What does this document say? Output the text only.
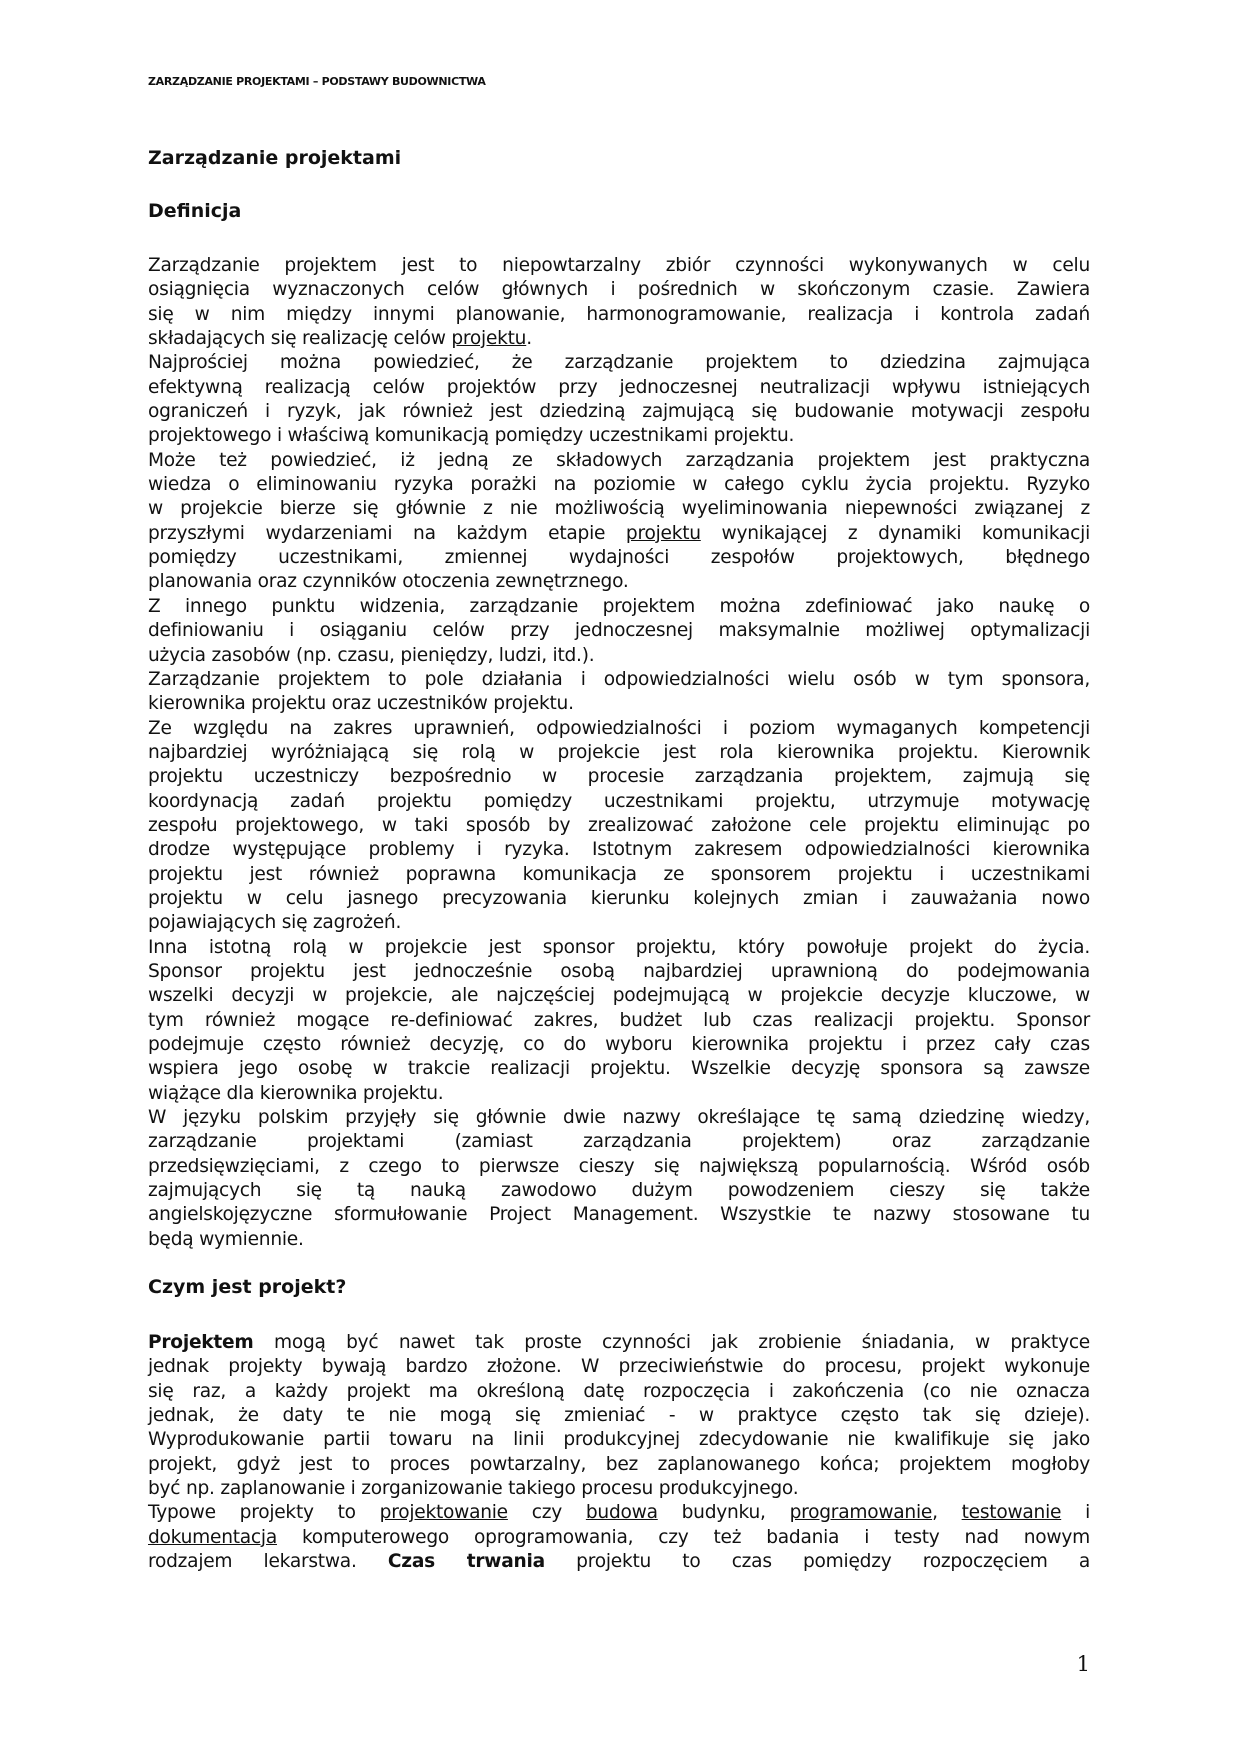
ZARZĄDZANIE PROJEKTAMI – PODSTAWY BUDOWNICTWA
Zarządzanie projektami
Definicja
Zarządzanie projektem jest to niepowtarzalny zbiór czynności wykonywanych w celu
osiągnięcia wyznaczonych celów głównych i pośrednich w skończonym czasie. Zawiera
się w nim między innymi planowanie, harmonogramowanie, realizacja i kontrola zadań
składających się realizację celów projektu.
Najprościej można powiedzieć, że zarządzanie projektem to dziedzina zajmująca
efektywną realizacją celów projektów przy jednoczesnej neutralizacji wpływu istniejących
ograniczeń i ryzyk, jak również jest dziedziną zajmującą się budowanie motywacji zespołu
projektowego i właściwą komunikacją pomiędzy uczestnikami projektu.
Może też powiedzieć, iż jedną ze składowych zarządzania projektem jest praktyczna
wiedza o eliminowaniu ryzyka porażki na poziomie w całego cyklu życia projektu. Ryzyko
w projekcie bierze się głównie z nie możliwością wyeliminowania niepewności związanej z
przyszłymi wydarzeniami na każdym etapie projektu wynikającej z dynamiki komunikacji
pomiędzy uczestnikami, zmiennej wydajności zespołów projektowych, błędnego
planowania oraz czynników otoczenia zewnętrznego.
Z innego punktu widzenia, zarządzanie projektem można zdefiniować jako naukę o
definiowaniu i osiąganiu celów przy jednoczesnej maksymalnie możliwej optymalizacji
użycia zasobów (np. czasu, pieniędzy, ludzi, itd.).
Zarządzanie projektem to pole działania i odpowiedzialności wielu osób w tym sponsora,
kierownika projektu oraz uczestników projektu.
Ze względu na zakres uprawnień, odpowiedzialności i poziom wymaganych kompetencji
najbardziej wyróżniającą się rolą w projekcie jest rola kierownika projektu. Kierownik
projektu uczestniczy bezpośrednio w procesie zarządzania projektem, zajmują się
koordynacją zadań projektu pomiędzy uczestnikami projektu, utrzymuje motywację
zespołu projektowego, w taki sposób by zrealizować założone cele projektu eliminując po
drodze występujące problemy i ryzyka. Istotnym zakresem odpowiedzialności kierownika
projektu jest również poprawna komunikacja ze sponsorem projektu i uczestnikami
projektu w celu jasnego precyzowania kierunku kolejnych zmian i zauważania nowo
pojawiających się zagrożeń.
Inna istotną rolą w projekcie jest sponsor projektu, który powołuje projekt do życia.
Sponsor projektu jest jednocześnie osobą najbardziej uprawnioną do podejmowania
wszelki decyzji w projekcie, ale najczęściej podejmującą w projekcie decyzje kluczowe, w
tym również mogące re-definiować zakres, budżet lub czas realizacji projektu. Sponsor
podejmuje często również decyzję, co do wyboru kierownika projektu i przez cały czas
wspiera jego osobę w trakcie realizacji projektu. Wszelkie decyzję sponsora są zawsze
wiążące dla kierownika projektu.
W języku polskim przyjęły się głównie dwie nazwy określające tę samą dziedzinę wiedzy,
zarządzanie projektami (zamiast zarządzania projektem) oraz zarządzanie
przedsięwzięciami, z czego to pierwsze cieszy się największą popularnością. Wśród osób
zajmujących się tą nauką zawodowo dużym powodzeniem cieszy się także
angielskojęzyczne sformułowanie Project Management. Wszystkie te nazwy stosowane tu
będą wymiennie.
Czym jest projekt?
Projektem mogą być nawet tak proste czynności jak zrobienie śniadania, w praktyce
jednak projekty bywają bardzo złożone. W przeciwieństwie do procesu, projekt wykonuje
się raz, a każdy projekt ma określoną datę rozpoczęcia i zakończenia (co nie oznacza
jednak, że daty te nie mogą się zmieniać - w praktyce często tak się dzieje).
Wyprodukowanie partii towaru na linii produkcyjnej zdecydowanie nie kwalifikuje się jako
projekt, gdyż jest to proces powtarzalny, bez zaplanowanego końca; projektem mogłoby
być np. zaplanowanie i zorganizowanie takiego procesu produkcyjnego.
Typowe projekty to projektowanie czy budowa budynku, programowanie, testowanie i
dokumentacja komputerowego oprogramowania, czy też badania i testy nad nowym
rodzajem lekarstwa. Czas trwania projektu to czas pomiędzy rozpoczęciem a
1
